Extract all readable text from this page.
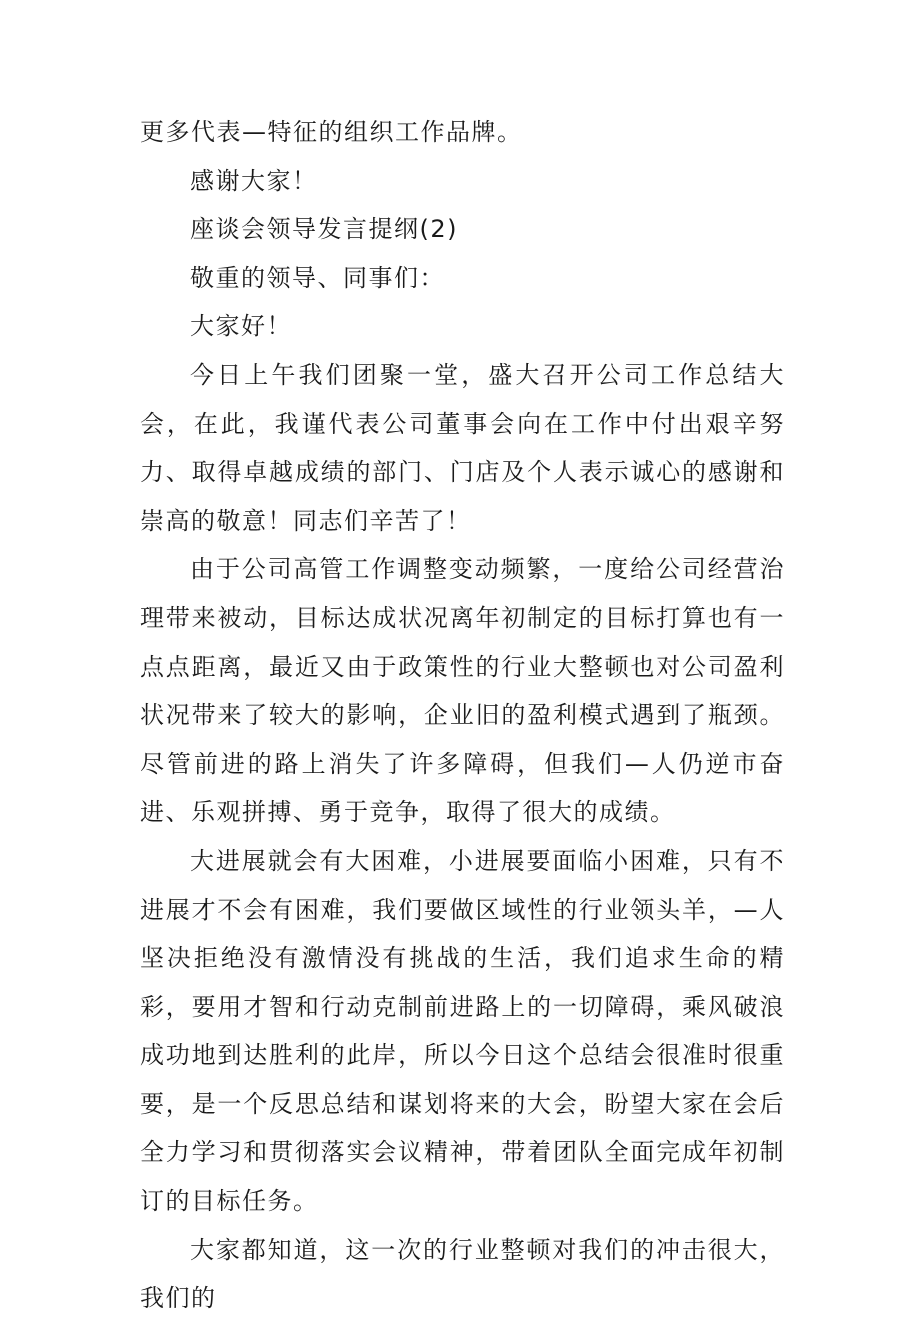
更多代表—特征的组织工作品牌。

感谢大家！

座谈会领导发言提纲(2)

敬重的领导、同事们：

大家好！

今日上午我们团聚一堂，盛大召开公司工作总结大会，在此，我谨代表公司董事会向在工作中付出艰辛努力、取得卓越成绩的部门、门店及个人表示诚心的感谢和崇高的敬意！同志们辛苦了！

由于公司高管工作调整变动频繁，一度给公司经营治理带来被动，目标达成状况离年初制定的目标打算也有一点点距离，最近又由于政策性的行业大整顿也对公司盈利状况带来了较大的影响，企业旧的盈利模式遇到了瓶颈。尽管前进的路上消失了许多障碍，但我们—人仍逆市奋进、乐观拼搏、勇于竞争，取得了很大的成绩。

大进展就会有大困难，小进展要面临小困难，只有不进展才不会有困难，我们要做区域性的行业领头羊，—人坚决拒绝没有激情没有挑战的生活，我们追求生命的精彩，要用才智和行动克制前进路上的一切障碍，乘风破浪成功地到达胜利的此岸，所以今日这个总结会很准时很重要，是一个反思总结和谋划将来的大会，盼望大家在会后全力学习和贯彻落实会议精神，带着团队全面完成年初制订的目标任务。

大家都知道，这一次的行业整顿对我们的冲击很大，我们的
